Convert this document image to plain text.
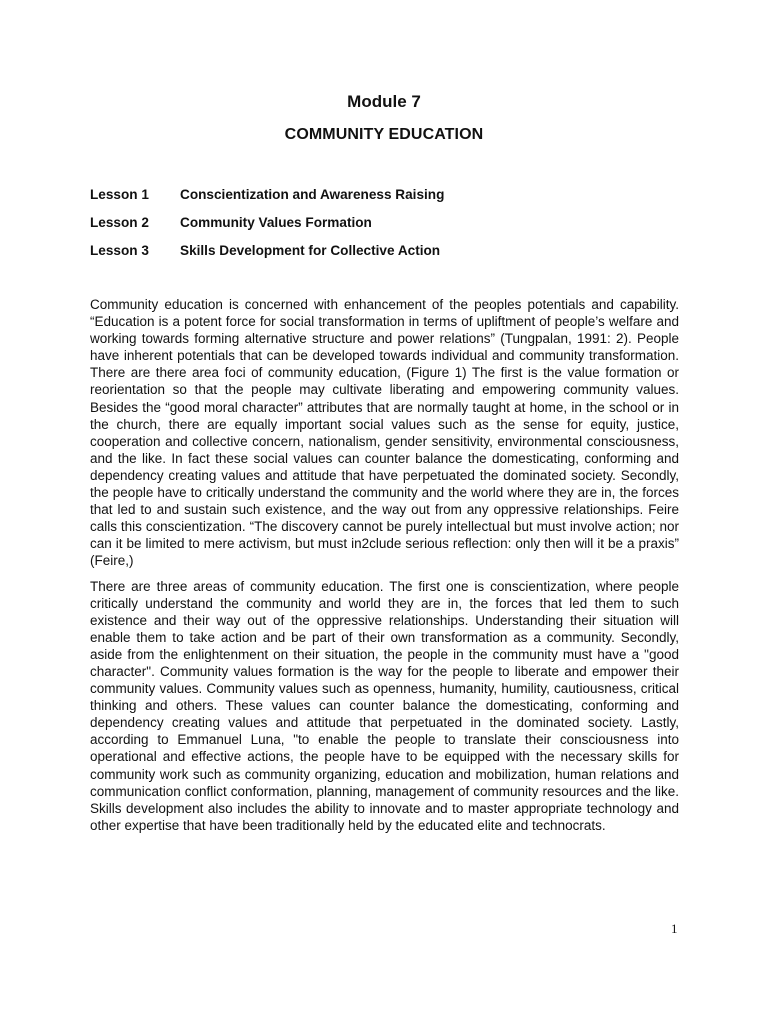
Module 7
COMMUNITY EDUCATION
Lesson 1	Conscientization and Awareness Raising
Lesson 2	Community Values Formation
Lesson 3	Skills Development for Collective Action

Community education is concerned with enhancement of the peoples potentials and capability. “Education is a potent force for social transformation in terms of upliftment of people’s welfare and working towards forming alternative structure and power relations” (Tungpalan, 1991: 2). People have inherent potentials that can be developed towards individual and community transformation. There are there area foci of community education, (Figure 1) The first is the value formation or reorientation so that the people may cultivate liberating and empowering community values. Besides the “good moral character” attributes that are normally taught at home, in the school or in the church, there are equally important social values such as the sense for equity, justice, cooperation and collective concern, nationalism, gender sensitivity, environmental consciousness, and the like. In fact these social values can counter balance the domesticating, conforming and dependency creating values and attitude that have perpetuated the dominated society. Secondly, the people have to critically understand the community and the world where they are in, the forces that led to and sustain such existence, and the way out from any oppressive relationships. Feire calls this conscientization. “The discovery cannot be purely intellectual but must involve action; nor can it be limited to mere activism, but must in2clude serious reflection: only then will it be a praxis” (Feire,)

There are three areas of community education. The first one is conscientization, where people critically understand the community and world they are in, the forces that led them to such existence and their way out of the oppressive relationships. Understanding their situation will enable them to take action and be part of their own transformation as a community. Secondly, aside from the enlightenment on their situation, the people in the community must have a "good character". Community values formation is the way for the people to liberate and empower their community values. Community values such as openness, humanity, humility, cautiousness, critical thinking and others. These values can counter balance the domesticating, conforming and dependency creating values and attitude that perpetuated in the dominated society. Lastly, according to Emmanuel Luna, "to enable the people to translate their consciousness into operational and effective actions, the people have to be equipped with the necessary skills for community work such as community organizing, education and mobilization, human relations and communication conflict conformation, planning, management of community resources and the like. Skills development also includes the ability to innovate and to master appropriate technology and other expertise that have been traditionally held by the educated elite and technocrats.

1
